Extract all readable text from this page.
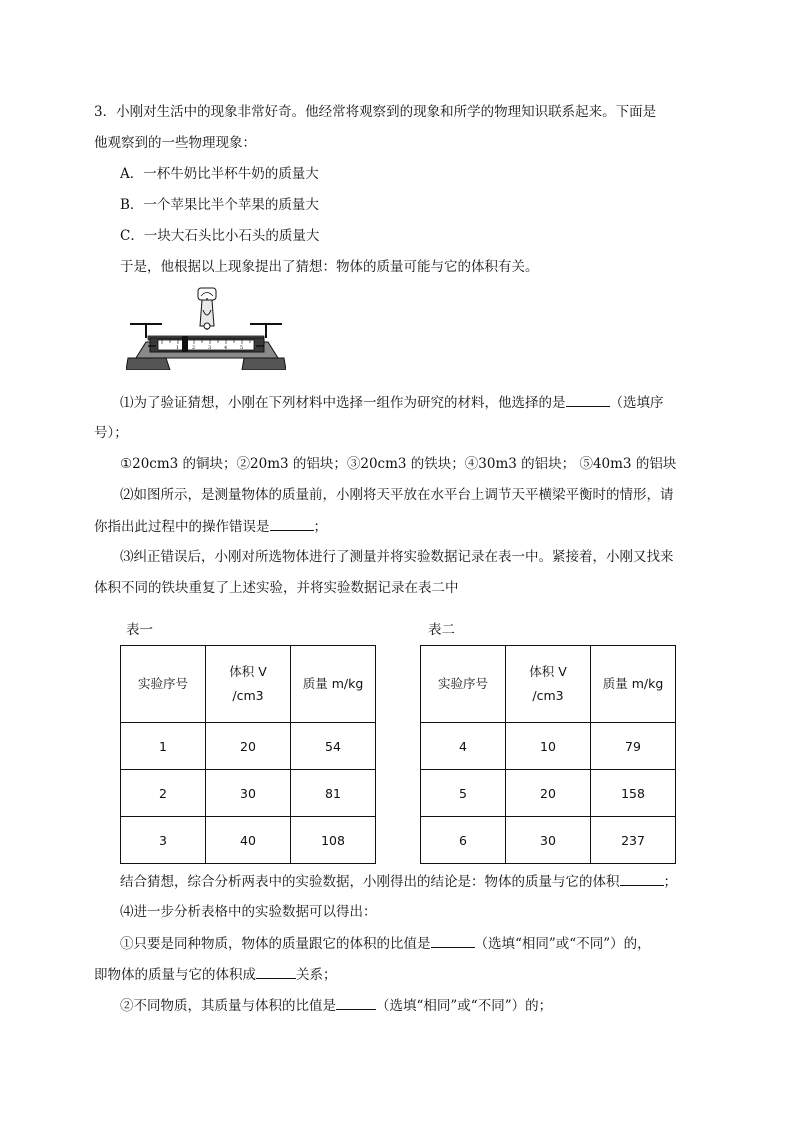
3．小刚对生活中的现象非常好奇。他经常将观察到的现象和所学的物理知识联系起来。下面是
他观察到的一些物理现象：
A．一杯牛奶比半杯牛奶的质量大
B．一个苹果比半个苹果的质量大
C．一块大石头比小石头的质量大
于是，他根据以上现象提出了猜想：物体的质量可能与它的体积有关。
1	2	3	4	5
⑴为了验证猜想，小刚在下列材料中选择一组作为研究的材料，他选择的是	（选填序
号）；
①20cm3 的铜块；②20m3 的铝块；③20cm3 的铁块；④30m3 的铝块； ⑤40m3 的铝块
⑵如图所示，是测量物体的质量前，小刚将天平放在水平台上调节天平横梁平衡时的情形，请
你指出此过程中的操作错误是	；
⑶纠正错误后，小刚对所选物体进行了测量并将实验数据记录在表一中。紧接着，小刚又找来
体积不同的铁块重复了上述实验，并将实验数据记录在表二中
表一	表二
实验序号	体积 V
/cm3	质量 m/kg
1	20	54
2	30	81
3	40	108
实验序号	体积 V
/cm3	质量 m/kg
4	10	79
5	20	158
6	30	237
结合猜想，综合分析两表中的实验数据，小刚得出的结论是：物体的质量与它的体积	；
⑷进一步分析表格中的实验数据可以得出：
①只要是同种物质，物体的质量跟它的体积的比值是	（选填“相同”或“不同”）的，
即物体的质量与它的体积成	关系；
②不同物质，其质量与体积的比值是	（选填“相同”或“不同”）的；
